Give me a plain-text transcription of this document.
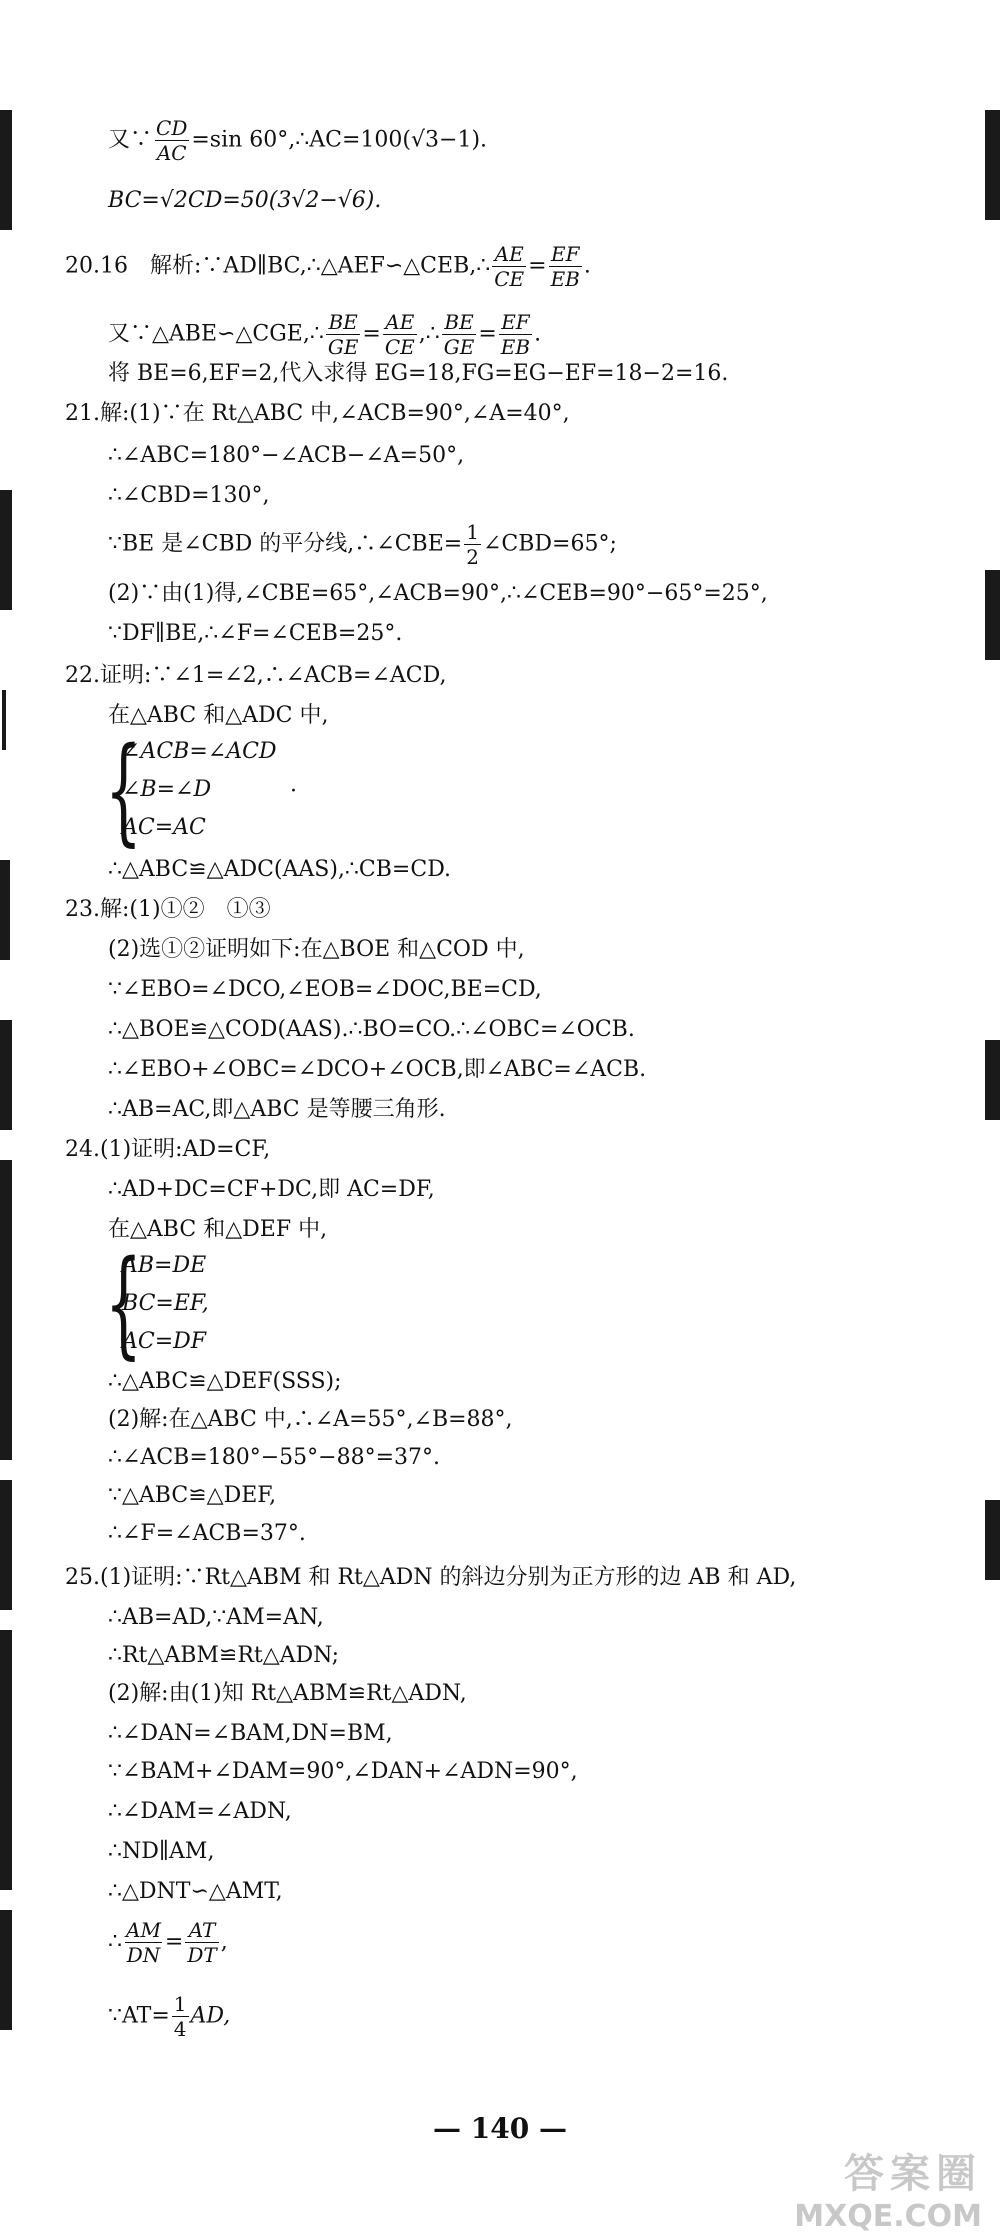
又∵ $\frac{CD}{AC} =\sin$ 60°,∴AC=100(√3−1).
BC=√2CD=50(3√2−√6).
20.16　解析:∵AD∥BC,∴△AEF∽△CEB,∴ $\frac{AE}{CE} = \frac{EF}{EB}$ .
又∵△ABE∽△CGE,∴ $\frac{BE}{GE} = \frac{AE}{CE}$ ,∴ $\frac{BE}{GE} = \frac{EF}{EB}$ .
将 BE=6,EF=2,代入求得 EG=18,FG=EG−EF=18−2=16.
21.解:(1)∵在 Rt△ABC 中,∠ACB=90°,∠A=40°,
∴∠ABC=180°−∠ACB−∠A=50°,
∴∠CBD=130°,
∵BE 是∠CBD 的平分线,∴∠CBE= $\frac{1}{2}$ ∠CBD=65°;
(2)∵由(1)得,∠CBE=65°,∠ACB=90°,∴∠CEB=90°−65°=25°,
∵DF∥BE,∴∠F=∠CEB=25°.
22.证明:∵∠1=∠2,∴∠ACB=∠ACD,
在△ABC 和△ADC 中,
{
∠ACB=∠ACD
∠B=∠D	·
AC=AC
∴△ABC≌△ADC(AAS),∴CB=CD.
23.解:(1)①②　①③
(2)选①②证明如下:在△BOE 和△COD 中,
∵∠EBO=∠DCO,∠EOB=∠DOC,BE=CD,
∴△BOE≌△COD(AAS).∴BO=CO.∴∠OBC=∠OCB.
∴∠EBO+∠OBC=∠DCO+∠OCB,即∠ABC=∠ACB.
∴AB=AC,即△ABC 是等腰三角形.
24.(1)证明:AD=CF,
∴AD+DC=CF+DC,即 AC=DF,
在△ABC 和△DEF 中,
{
AB=DE
BC=EF,
AC=DF
∴△ABC≌△DEF(SSS);
(2)解:在△ABC 中,∴∠A=55°,∠B=88°,
∴∠ACB=180°−55°−88°=37°.
∵△ABC≌△DEF,
∴∠F=∠ACB=37°.
25.(1)证明:∵Rt△ABM 和 Rt△ADN 的斜边分别为正方形的边 AB 和 AD,
∴AB=AD,∵AM=AN,
∴Rt△ABM≌Rt△ADN;
(2)解:由(1)知 Rt△ABM≌Rt△ADN,
∴∠DAN=∠BAM,DN=BM,
∵∠BAM+∠DAM=90°,∠DAN+∠ADN=90°,
∴∠DAM=∠ADN,
∴ND∥AM,
∴△DNT∽△AMT,
∴ $\frac{AM}{DN} = \frac{AT}{DT}$ ,
∵AT= $\frac{1}{4}$ AD,
— 140 —
答案圈
MXQE.COM
